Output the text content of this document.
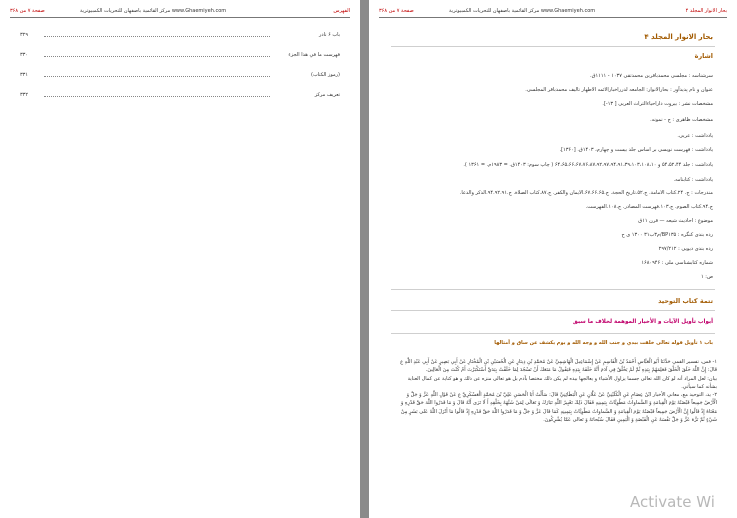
صفحة ۷ من ۳۶۸	مركز القائمية باصفهان للتحريات الكمبيوترية www.Ghaemiyeh.com	الفهرس
۳۲۹	باب ۶ نادر
۳۳۰	فهرست ما في هذا الجزء
۳۳۱	(رموز الكتاب)
۳۳۲	تعريف مركز
صفحة ۷ من ۳۶۸	مركز القائمية باصفهان للتحريات الكمبيوترية www.Ghaemiyeh.com	بحار الانوار المجلد ۴
بحار الانوار المجلد ۴
اشارة
سرشناسه : مجلسی محمدباقربن محمدتقی ۱۰۳۷ - ۱۱۱۱ق.
عنوان و نام پدیدآور : بحارالانوار: الجامعه لدرراخبارالائمه الاطهار تالیف محمدباقر المجلسی.
مشخصات نشر : بیروت داراحیاءالتراث العربی [ ۱۳-].
مشخصات ظاهری : ج - نمونه.
یادداشت : عربی.
یادداشت : فهرست نویسی بر اساس جلد بیست و چهارم، ۱۴۰۳ق. [۱۳۶۰].
یادداشت : جلد ۵۴،۵۲،۴۴ و ۶۴،۶۵،۶۶،۶۷،۷۶،۸۷،۹۲،۹۷،۹۴،۹۱،۳۹،۱۰۳،۱۰۸،۱۰ ( چاپ سوم: ۱۴۰۳ق. = ۱۹۸۳م. = ۱۳۶۱ ).
یادداشت : کتابنامه.
مندرجات : ج. ۲۴.کتاب الامامة. ج.۵۲.تاریخ الحجة. ج.۶۷.۶۶.۶۵.الایمان والکفر. ج.۸۷.کتاب الصلاة. ج.۹۴.۹۲.۹۱.الذکر والدعا.
ج.۹۴.کتاب الصوم. ج.۱۰۳.فهرست المصادر. ج.۱۰۸.الفهرست.
موضوع : احادیث شیعه — قرن ۱۱ق
رده بندی کنگره : BP۱۳۵/م۳ب۳۱ ۱۳۰۰ ی ح
رده بندی دیویی : ۲۹۷/۲۱۲
شماره کتابشناسی ملی : ۱۶۸۰۹۴۶
ص: ۱
تتمة كتاب التوحيد
أبواب تأويل الآيات و الأخبار الموهمة لخلاف ما سبق
باب ۱ تأويل قوله تعالى خلقت بيدي و جنب الله و وجه الله و يوم يكشف عن ساق و أمثالها

۱- فس، تفسير القمي حَدَّثَنَا أَبُو الْعَبَّاسِ أَحْمَدُ بْنُ الْقَاسِمِ عَنْ إِسْمَاعِيلَ الْهَاشِمِيِّ عَنْ مُحَمَّدِ بْنِ دِينَارٍ عَنِ الْحُسَيْنِ بْنِ الْمُخْتَارِ عَنْ أَبِي بَصِيرٍ عَنْ أَبِي عَبْدِ اللَّهِ ع قَالَ: إِنَّ اللَّهَ خَلَقَ الْخَلْقَ فَعَلِمَهُمْ بِيَدِهِ ثُمَّ لَمْ يَخْلُقْ فِي آدَمَ أَنَّهُ خَلَقَهُ بِيَدِهِ فَيَقُولُ مَا مَنَعَكَ أَنْ تَسْجُدَ لِمَا خَلَقْتُ بِيَدَيَّ أَسْتَكْبَرْتَ أَمْ كُنْتَ مِنَ الْعَالِينَ.

بيان: لعل المراد أنه لو كان الله تعالى جسما يزاول الأشياء و يعالجها بيده لم يكن ذلك مختصا بآدم بل هو تعالى منزه عن ذلك و هو كناية عن كمال العناية بشأنه كما سيأتي.

۲- يد، التوحيد مع، معاني الأخبار ابْنُ عِصَامٍ عَنِ الْكُلَيْنِيِّ عَنْ عَلَّانٍ عَنِ الْبَطَائِنِيِّ قَالَ: سَأَلْتُ أَبَا الْحَسَنِ عَلِيَّ بْنَ مُحَمَّدٍ الْعَسْكَرِيَّ ع عَنْ قَوْلِ اللَّهِ عَزَّ وَ جَلَّ وَ الْأَرْضُ جَمِيعاً قَبْضَتُهُ يَوْمَ الْقِيامَةِ وَ السَّماواتُ مَطْوِيَّاتٌ بِيَمِينِهِ فَقَالَ ذَلِكَ تَعْيِيرُ اللَّهِ تَبَارَكَ وَ تَعَالَى لِمَنْ شَبَّهَهُ بِخَلْقِهِ أَ لَا تَرَى أَنَّهُ قَالَ وَ مَا قَدَرُوا اللَّهَ حَقَّ قَدْرِهِ وَ مَعْنَاهُ إِذْ قَالُوا إِنَّ الْأَرْضَ جَمِيعاً قَبْضَتُهُ يَوْمَ الْقِيامَةِ وَ السَّماواتُ مَطْوِيَّاتٌ بِيَمِينِهِ كَمَا قَالَ عَزَّ وَ جَلَّ وَ مَا قَدَرُوا اللَّهَ حَقَّ قَدْرِهِ إِذْ قَالُوا مَا أَنْزَلَ اللَّهُ عَلى بَشَرٍ مِنْ شَيْءٍ ثُمَّ نَزَّهَ عَزَّ وَ جَلَّ نَفْسَهُ عَنِ الْقَبْضَةِ وَ الْيَمِينِ فَقَالَ سُبْحانَهُ وَ تَعالى عَمَّا يُشْرِكُونَ.

Activate Wi
